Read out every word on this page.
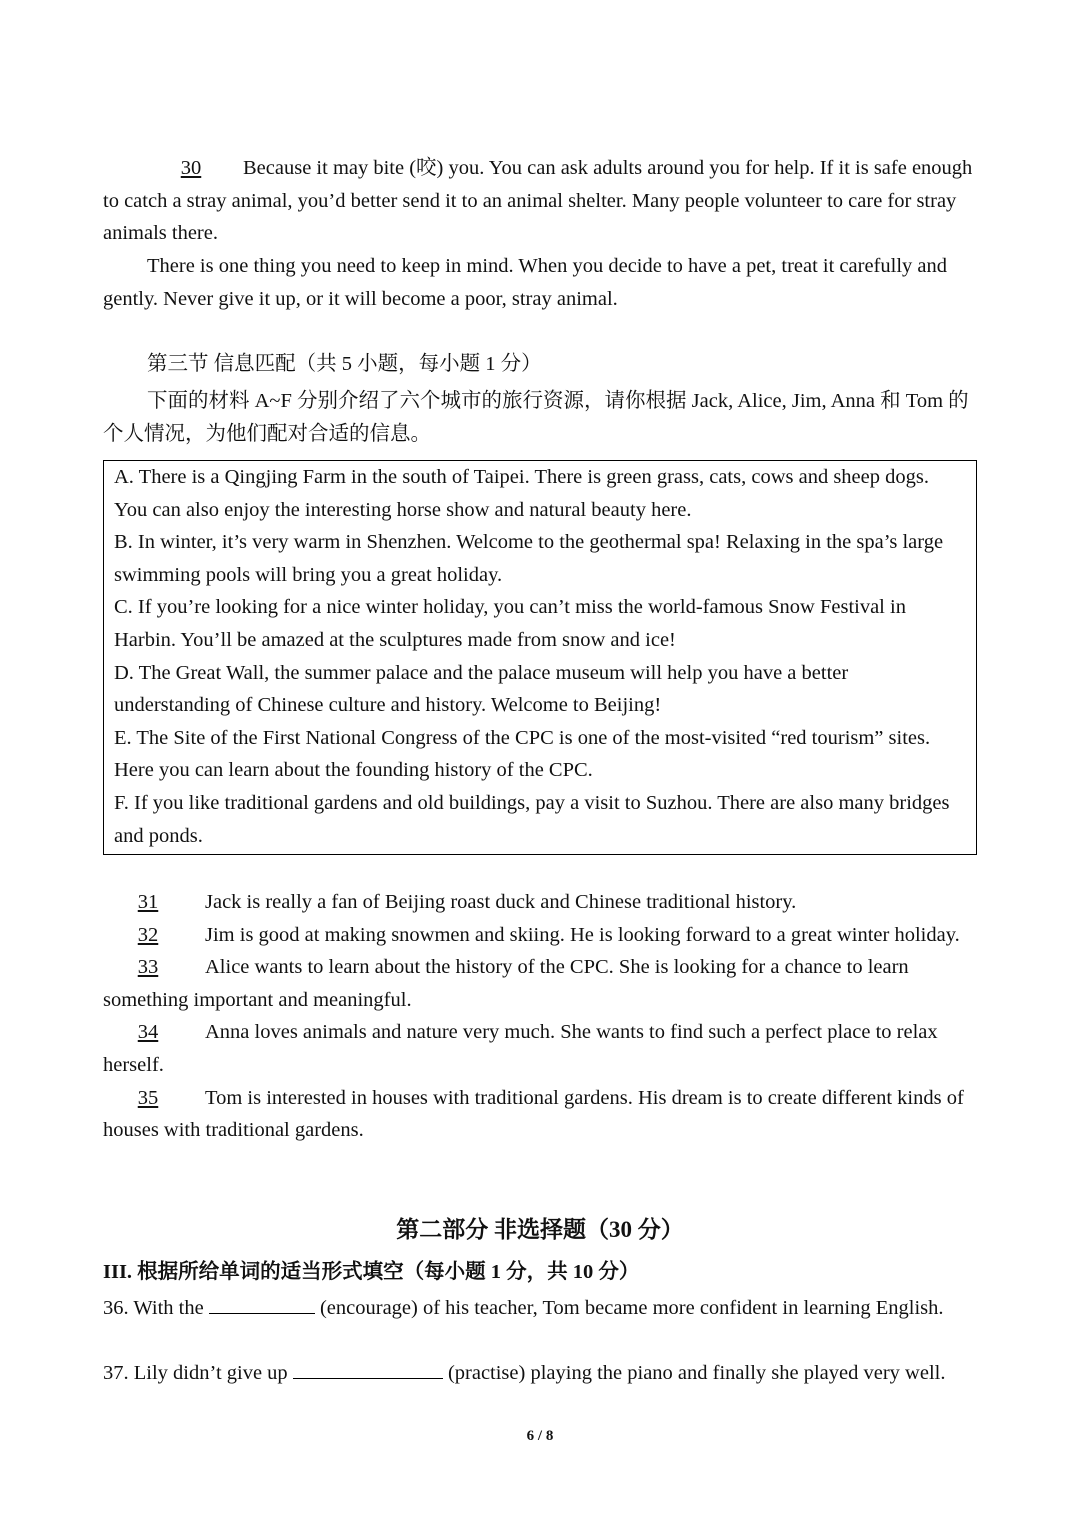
30 Because it may bite (咬) you. You can ask adults around you for help. If it is safe enough to catch a stray animal, you’d better send it to an animal shelter. Many people volunteer to care for stray animals there.
There is one thing you need to keep in mind. When you decide to have a pet, treat it carefully and gently. Never give it up, or it will become a poor, stray animal.
第三节 信息匹配（共 5 小题，每小题 1 分）
下面的材料 A~F 分别介绍了六个城市的旅行资源，请你根据 Jack, Alice, Jim, Anna 和 Tom 的个人情况，为他们配对合适的信息。
A. There is a Qingjing Farm in the south of Taipei. There is green grass, cats, cows and sheep dogs. You can also enjoy the interesting horse show and natural beauty here.
B. In winter, it’s very warm in Shenzhen. Welcome to the geothermal spa! Relaxing in the spa’s large swimming pools will bring you a great holiday.
C. If you’re looking for a nice winter holiday, you can’t miss the world-famous Snow Festival in Harbin. You’ll be amazed at the sculptures made from snow and ice!
D. The Great Wall, the summer palace and the palace museum will help you have a better understanding of Chinese culture and history. Welcome to Beijing!
E. The Site of the First National Congress of the CPC is one of the most-visited “red tourism” sites. Here you can learn about the founding history of the CPC.
F. If you like traditional gardens and old buildings, pay a visit to Suzhou. There are also many bridges and ponds.
31 Jack is really a fan of Beijing roast duck and Chinese traditional history.
32 Jim is good at making snowmen and skiing. He is looking forward to a great winter holiday.
33 Alice wants to learn about the history of the CPC. She is looking for a chance to learn something important and meaningful.
34 Anna loves animals and nature very much. She wants to find such a perfect place to relax herself.
35 Tom is interested in houses with traditional gardens. His dream is to create different kinds of houses with traditional gardens.
第二部分 非选择题（30 分）
III. 根据所给单词的适当形式填空（每小题 1 分，共 10 分）
36. With the	(encourage) of his teacher, Tom became more confident in learning English.
37. Lily didn’t give up	(practise) playing the piano and finally she played very well.
6 / 8
